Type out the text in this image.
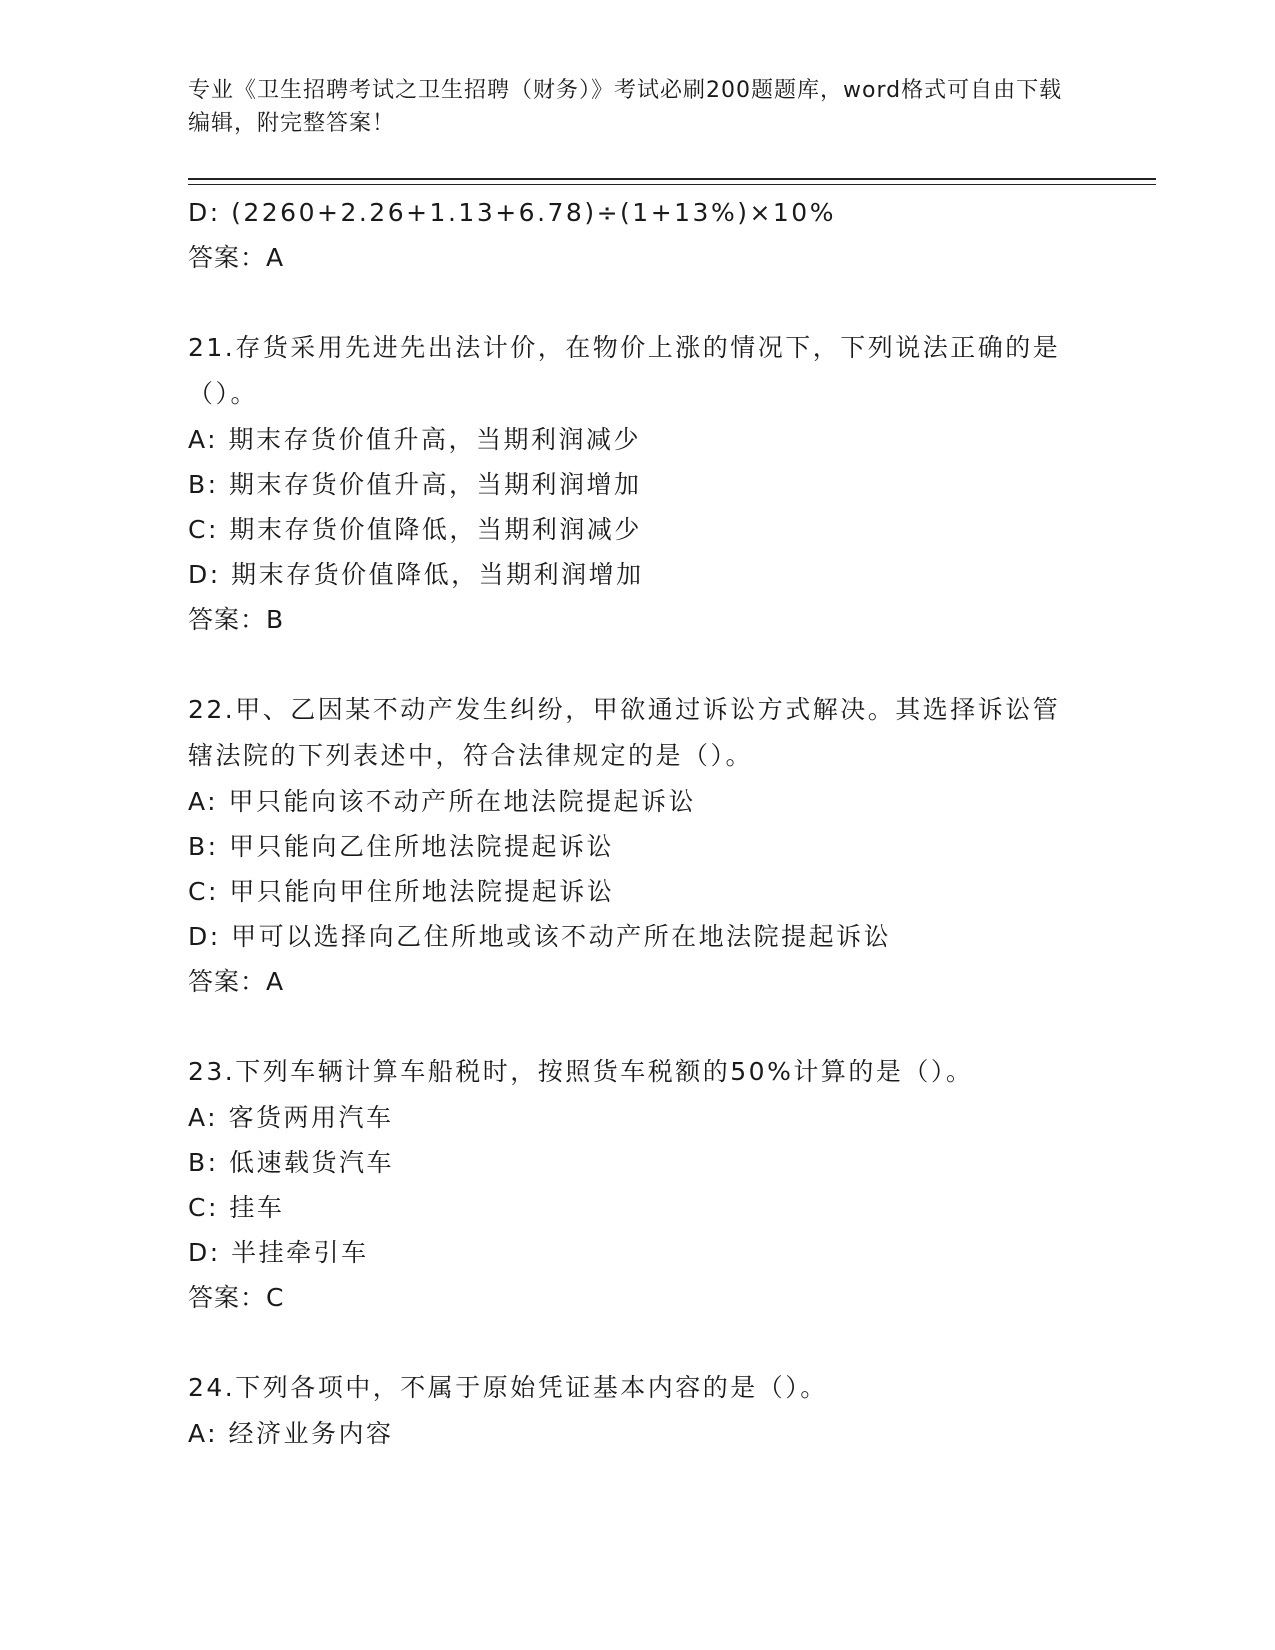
专业《卫生招聘考试之卫生招聘（财务）》考试必刷200题题库，word格式可自由下载编辑，附完整答案！
D: (2260+2.26+1.13+6.78)÷(1+13%)×10%
答案：A
21.存货采用先进先出法计价，在物价上涨的情况下，下列说法正确的是（）。
A: 期末存货价值升高，当期利润减少
B: 期末存货价值升高，当期利润增加
C: 期末存货价值降低，当期利润减少
D: 期末存货价值降低，当期利润增加
答案：B
22.甲、乙因某不动产发生纠纷，甲欲通过诉讼方式解决。其选择诉讼管辖法院的下列表述中，符合法律规定的是（）。
A: 甲只能向该不动产所在地法院提起诉讼
B: 甲只能向乙住所地法院提起诉讼
C: 甲只能向甲住所地法院提起诉讼
D: 甲可以选择向乙住所地或该不动产所在地法院提起诉讼
答案：A
23.下列车辆计算车船税时，按照货车税额的50%计算的是（）。
A: 客货两用汽车
B: 低速载货汽车
C: 挂车
D: 半挂牵引车
答案：C
24.下列各项中，不属于原始凭证基本内容的是（）。
A: 经济业务内容
